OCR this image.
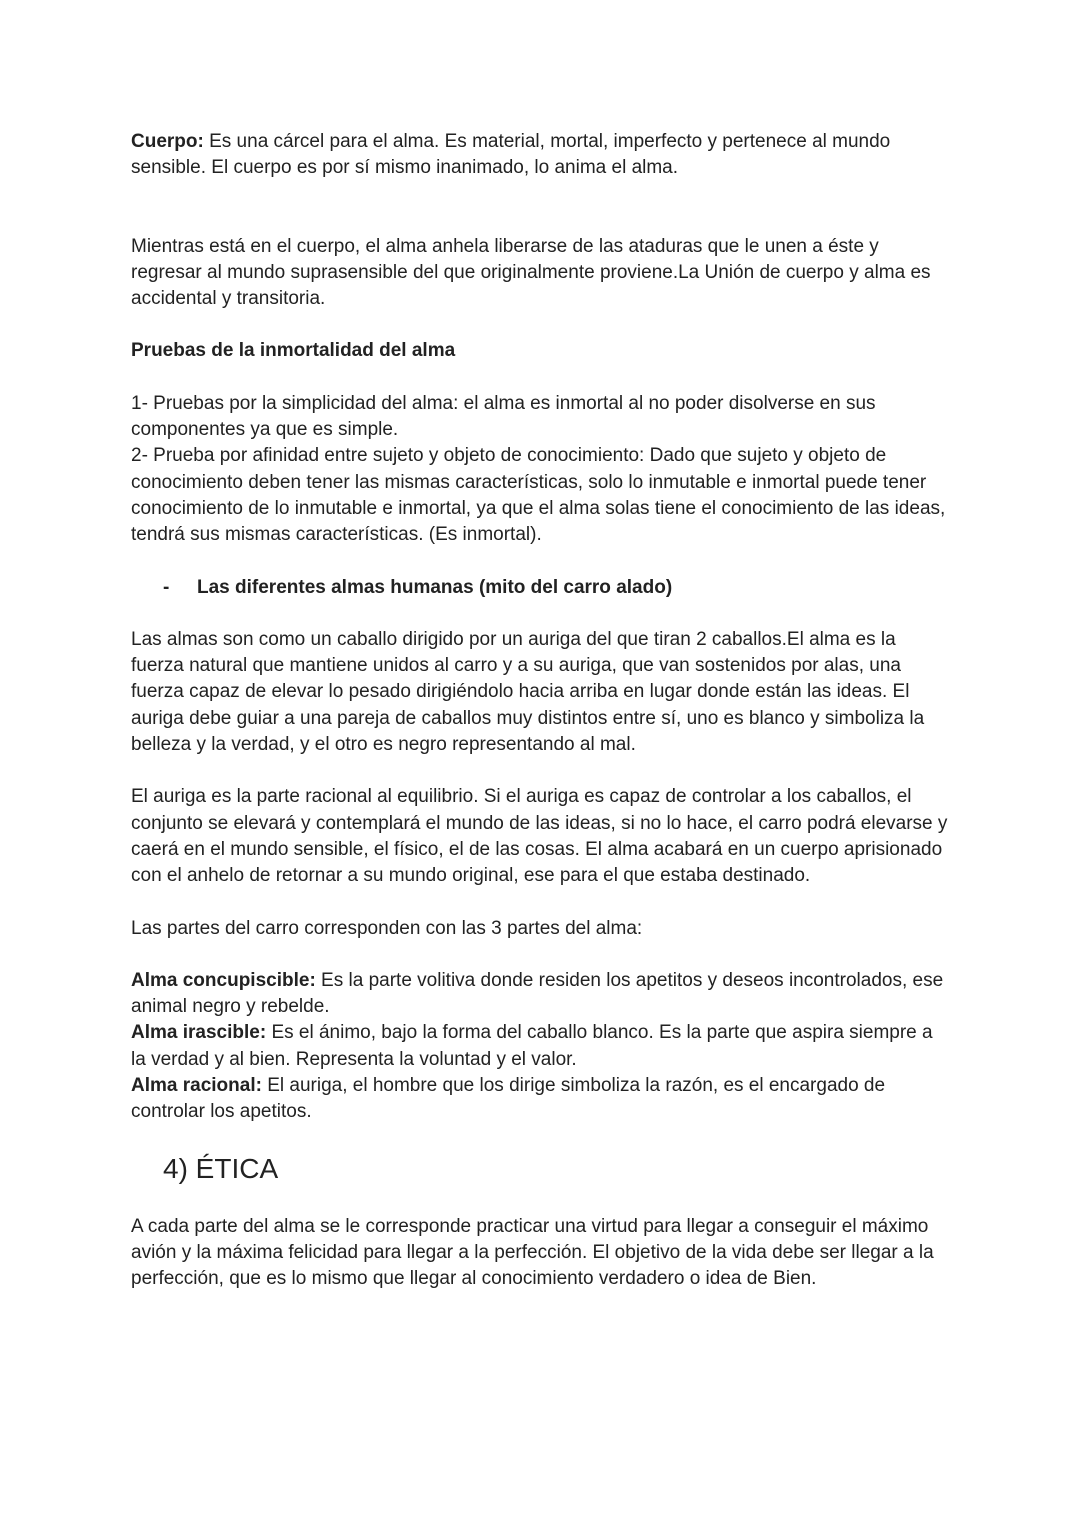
Cuerpo: Es una cárcel para el alma. Es material, mortal, imperfecto y pertenece al mundo sensible. El cuerpo es por sí mismo inanimado, lo anima el alma.

Mientras está en el cuerpo, el alma anhela liberarse de las ataduras que le unen a éste y regresar al mundo suprasensible del que originalmente proviene.La Unión de cuerpo y alma es accidental y transitoria.

Pruebas de la inmortalidad del alma

1- Pruebas por la simplicidad del alma: el alma es inmortal al no poder disolverse en sus componentes ya que es simple.

2- Prueba por afinidad entre sujeto y objeto de conocimiento: Dado que sujeto y objeto de conocimiento deben tener las mismas características, solo lo inmutable e inmortal puede tener conocimiento de lo inmutable e inmortal, ya que el alma solas tiene el conocimiento de las ideas, tendrá sus mismas características. (Es inmortal).

-	Las diferentes almas humanas (mito del carro alado)

Las almas son como un caballo dirigido por un auriga del que tiran 2 caballos.El alma es la fuerza natural que mantiene unidos al carro y a su auriga, que van sostenidos por alas, una fuerza capaz de elevar lo pesado dirigiéndolo hacia arriba en lugar donde están las ideas. El auriga debe guiar a una pareja de caballos muy distintos entre sí, uno es blanco y simboliza la belleza y la verdad, y el otro es negro representando al mal.

El auriga es la parte racional al equilibrio. Si el auriga es capaz de controlar a los caballos, el conjunto se elevará y contemplará el mundo de las ideas, si no lo hace, el carro podrá elevarse y caerá en el mundo sensible, el físico, el de las cosas. El alma acabará en un cuerpo aprisionado con el anhelo de retornar a su mundo original, ese para el que estaba destinado.

Las partes del carro corresponden con las 3 partes del alma:

Alma concupiscible: Es la parte volitiva donde residen los apetitos y deseos incontrolados, ese animal negro y rebelde.

Alma irascible: Es el ánimo, bajo la forma del caballo blanco. Es la parte que aspira siempre a la verdad y al bien. Representa la voluntad y el valor.

Alma racional: El auriga, el hombre que los dirige simboliza la razón, es el encargado de controlar los apetitos.

4) ÉTICA

A cada parte del alma se le corresponde practicar una virtud para llegar a conseguir el máximo avión y la máxima felicidad para llegar a la perfección. El objetivo de la vida debe ser llegar a la perfección, que es lo mismo que llegar al conocimiento verdadero o idea de Bien.
